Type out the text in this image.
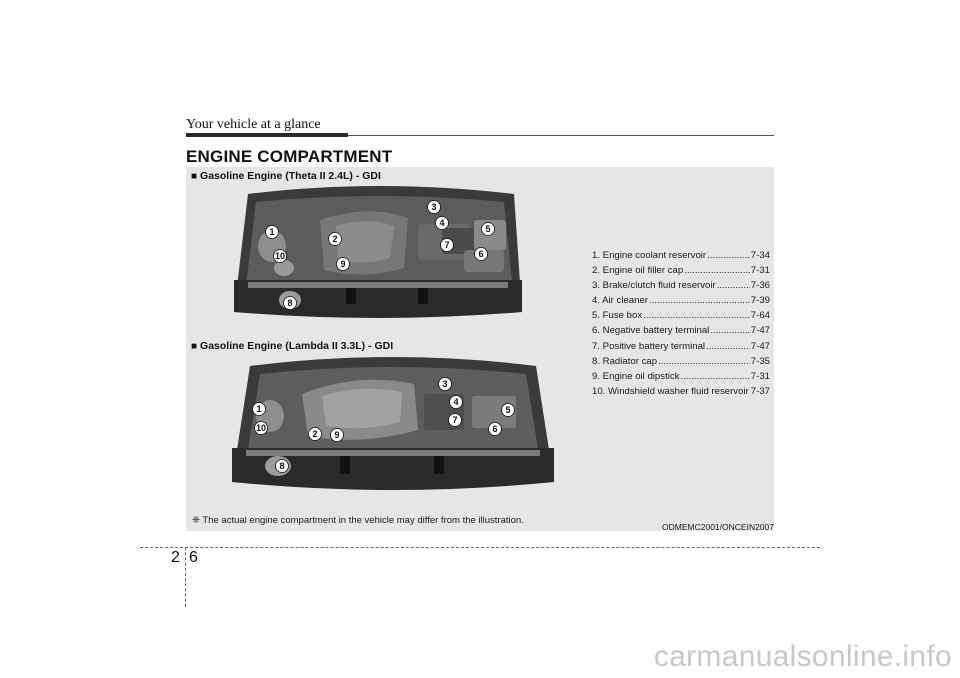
Your vehicle at a glance
ENGINE COMPARTMENT
■ Gasoline Engine (Theta II 2.4L) - GDI
■ Gasoline Engine (Lambda II 3.3L) - GDI
1
2
3
4
5
6
7
8
9
10
1
2
3
4
5
6
7
8
9
10
1. Engine coolant reservoir .....	7-34
2. Engine oil filler cap .....	7-31
3. Brake/clutch fluid reservoir .....	7-36
4. Air cleaner .....	7-39
5. Fuse box .....	7-64
6. Negative battery terminal .....	7-47
7. Positive battery terminal .....	7-47
8. Radiator cap .....	7-35
9. Engine oil dipstick .....	7-31
10. Windshield washer fluid reservoir ..... 7-37
❈ The actual engine compartment in the vehicle may differ from the illustration.
ODMEMC2001/ONCEIN2007
2 6
carmanualsonline.info
